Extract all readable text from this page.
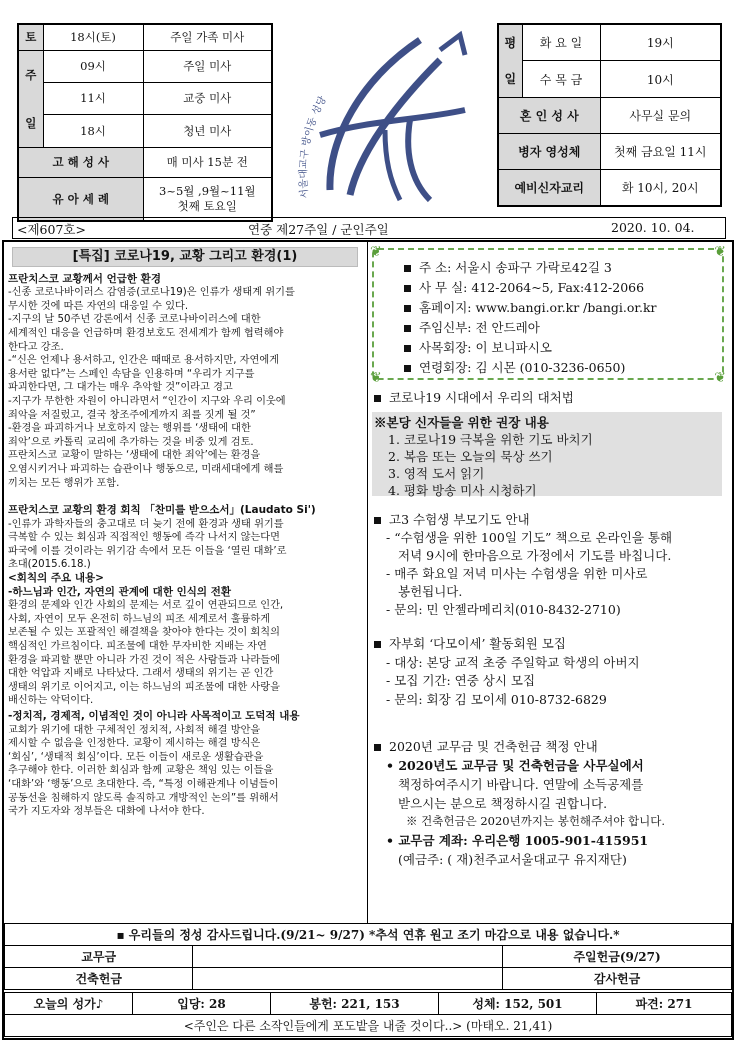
토	18시(토)	주일 가족 미사
주
일	09시	주일 미사
	11시	교중 미사
	18시	청년 미사
고 해 성 사		매 미사 15분 전
유 아 세 례		3~5월 ,9월~11월
첫째 토요일
서울대교구 방이동 성당
평
일	화 요 일	19시
	수 목 금	10시
혼 인 성 사		사무실 문의
병자 영성체		첫째 금요일 11시
예비신자교리		화 10시, 20시
<제607호>	연중 제27주일 / 군인주일	2020. 10. 04.
[특집] 코로나19, 교황 그리고 환경(1)
프란치스코 교황께서 언급한 환경
-신종 코로나바이러스 감염증(코로나19)은 인류가 생태계 위기를
무시한 것에 따른 자연의 대응일 수 있다.
-지구의 날 50주년 강론에서 신종 코로나바이러스에 대한
세계적인 대응을 언급하며 환경보호도 전세계가 함께 협력해야
한다고 강조.
-“신은 언제나 용서하고, 인간은 때때로 용서하지만, 자연에게
용서란 없다”는 스페인 속담을 인용하며 “우리가 지구를
파괴한다면, 그 대가는 매우 추악할 것”이라고 경고
-지구가 무한한 자원이 아니라면서 “인간이 지구와 우리 이웃에
죄악을 저질렀고, 결국 창조주에게까지 죄를 짓게 될 것”
-환경을 파괴하거나 보호하지 않는 행위를 ‘생태에 대한
죄악’으로 카톨릭 교리에 추가하는 것을 비중 있게 검토.
프란치스코 교황이 말하는 ‘생태에 대한 죄악’에는 환경을
오염시키거나 파괴하는 습관이나 행동으로, 미래세대에게 해를
끼치는 모든 행위가 포함.
프란치스코 교황의 환경 회칙 「찬미를 받으소서」(Laudato Si')
-인류가 과학자들의 충고대로 더 늦기 전에 환경과 생태 위기를
극복할 수 있는 회심과 직접적인 행동에 즉각 나서지 않는다면
파국에 이를 것이라는 위기감 속에서 모든 이들을 ‘열린 대화’로
초대(2015.6.18.)
<회칙의 주요 내용>
-하느님과 인간, 자연의 관계에 대한 인식의 전환
환경의 문제와 인간 사회의 문제는 서로 깊이 연관되므로 인간,
사회, 자연이 모두 온전히 하느님의 피조 세계로서 훌륭하게
보존될 수 있는 포괄적인 해결책을 찾아야 한다는 것이 회칙의
핵심적인 가르침이다. 피조물에 대한 무자비한 지배는 자연
환경을 파괴할 뿐만 아니라 가진 것이 적은 사람들과 나라들에
대한 억압과 지배로 나타났다. 그래서 생태의 위기는 곧 인간
생태의 위기로 이어지고, 이는 하느님의 피조물에 대한 사랑을
배신하는 악덕이다.
-정치적, 경제적, 이념적인 것이 아니라 사목적이고 도덕적 내용
교회가 위기에 대한 구체적인 정치적, 사회적 해결 방안을
제시할 수 없음을 인정한다. 교황이 제시하는 해결 방식은
‘회심’, ‘생태적 회심’이다. 모든 이들이 새로운 생활습관을
추구해야 한다. 이러한 회심과 함께 교황은 책임 있는 이들을
‘대화’와 ‘행동’으로 초대한다. 즉, “특정 이해관계나 이념들이
공동선을 침해하지 않도록 솔직하고 개방적인 논의”를 위해서
국가 지도자와 정부들은 대화에 나서야 한다.
❦	❦
❦	❦
주 소: 서울시 송파구 가락로42길 3
사 무 실: 412-2064~5, Fax:412-2066
홈페이지: www.bangi.or.kr /bangi.or.kr
주임신부: 전 안드레아
사목회장: 이 보니파시오
연령회장: 김 시몬 (010-3236-0650)
코로나19 시대에서 우리의 대처법
※본당 신자들을 위한 권장 내용
1. 코로나19 극복을 위한 기도 바치기
2. 복음 또는 오늘의 묵상 쓰기
3. 영적 도서 읽기
4. 평화 방송 미사 시청하기
고3 수험생 부모기도 안내
- “수험생을 위한 100일 기도” 책으로 온라인을 통해
저녁 9시에 한마음으로 가정에서 기도를 바칩니다.
- 매주 화요일 저녁 미사는 수험생을 위한 미사로
봉헌됩니다.
- 문의: 민 안젤라메리치(010-8432-2710)
자부회 ‘다모이세’ 활동회원 모집
- 대상: 본당 교적 초중 주일학교 학생의 아버지
- 모집 기간: 연중 상시 모집
- 문의: 회장 김 모이세 010-8732-6829
2020년 교무금 및 건축헌금 책정 안내
• 2020년도 교무금 및 건축헌금을 사무실에서
책정하여주시기 바랍니다. 연말에 소득공제를
받으시는 분으로 책정하시길 권합니다.
※ 건축헌금은 2020년까지는 봉헌해주셔야 합니다.
• 교무금 계좌: 우리은행 1005-901-415951
(예금주: ( 재)천주교서울대교구 유지재단)
▪ 우리들의 정성 감사드립니다.(9/21~ 9/27) *추석 연휴 원고 조기 마감으로 내용 없습니다.*		
교무금		주일헌금(9/27)
건축헌금		감사헌금
오늘의 성가♪	입당: 28	봉헌: 221, 153	성체: 152, 501	파견: 271
<주인은 다른 소작인들에게 포도밭을 내줄 것이다..> (마태오. 21,41)
